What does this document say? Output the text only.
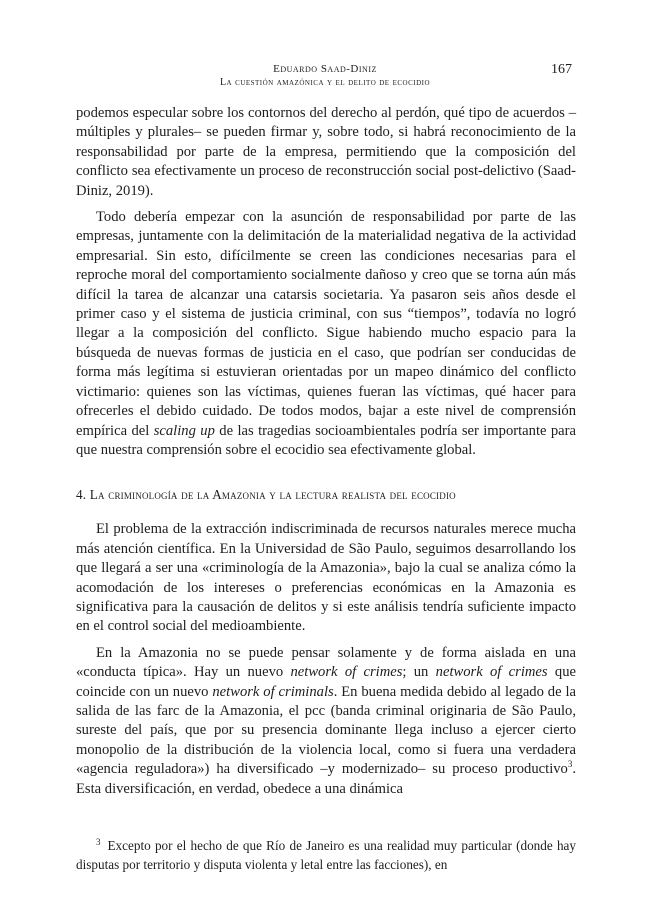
Eduardo Saad-Diniz
La cuestión amazónica y el delito de ecocidio
167

podemos especular sobre los contornos del derecho al perdón, qué tipo de acuerdos –múltiples y plurales– se pueden firmar y, sobre todo, si habrá reconocimiento de la responsabilidad por parte de la empresa, permitiendo que la composición del conflicto sea efectivamente un proceso de reconstrucción social post-delictivo (Saad-Diniz, 2019).

Todo debería empezar con la asunción de responsabilidad por parte de las empresas, juntamente con la delimitación de la materialidad negativa de la actividad empresarial. Sin esto, difícilmente se creen las condiciones necesarias para el reproche moral del comportamiento socialmente dañoso y creo que se torna aún más difícil la tarea de alcanzar una catarsis societaria. Ya pasaron seis años desde el primer caso y el sistema de justicia criminal, con sus “tiempos”, todavía no logró llegar a la composición del conflicto. Sigue habiendo mucho espacio para la búsqueda de nuevas formas de justicia en el caso, que podrían ser conducidas de forma más legítima si estuvieran orientadas por un mapeo dinámico del conflicto victimario: quienes son las víctimas, quienes fueran las víctimas, qué hacer para ofrecerles el debido cuidado. De todos modos, bajar a este nivel de comprensión empírica del scaling up de las tragedias socioambientales podría ser importante para que nuestra comprensión sobre el ecocidio sea efectivamente global.

4. La criminología de la Amazonia y la lectura realista del ecocidio

El problema de la extracción indiscriminada de recursos naturales merece mucha más atención científica. En la Universidad de São Paulo, seguimos desarrollando los que llegará a ser una «criminología de la Amazonia», bajo la cual se analiza cómo la acomodación de los intereses o preferencias económicas en la Amazonia es significativa para la causación de delitos y si este análisis tendría suficiente impacto en el control social del medioambiente.

En la Amazonia no se puede pensar solamente y de forma aislada en una «conducta típica». Hay un nuevo network of crimes; un network of crimes que coincide con un nuevo network of criminals. En buena medida debido al legado de la salida de las farc de la Amazonia, el pcc (banda criminal originaria de São Paulo, sureste del país, que por su presencia dominante llega incluso a ejercer cierto monopolio de la distribución de la violencia local, como si fuera una verdadera «agencia reguladora») ha diversificado –y modernizado– su proceso productivo$^3$. Esta diversificación, en verdad, obedece a una dinámica

$^3$ Excepto por el hecho de que Río de Janeiro es una realidad muy particular (donde hay disputas por territorio y disputa violenta y letal entre las facciones), en
